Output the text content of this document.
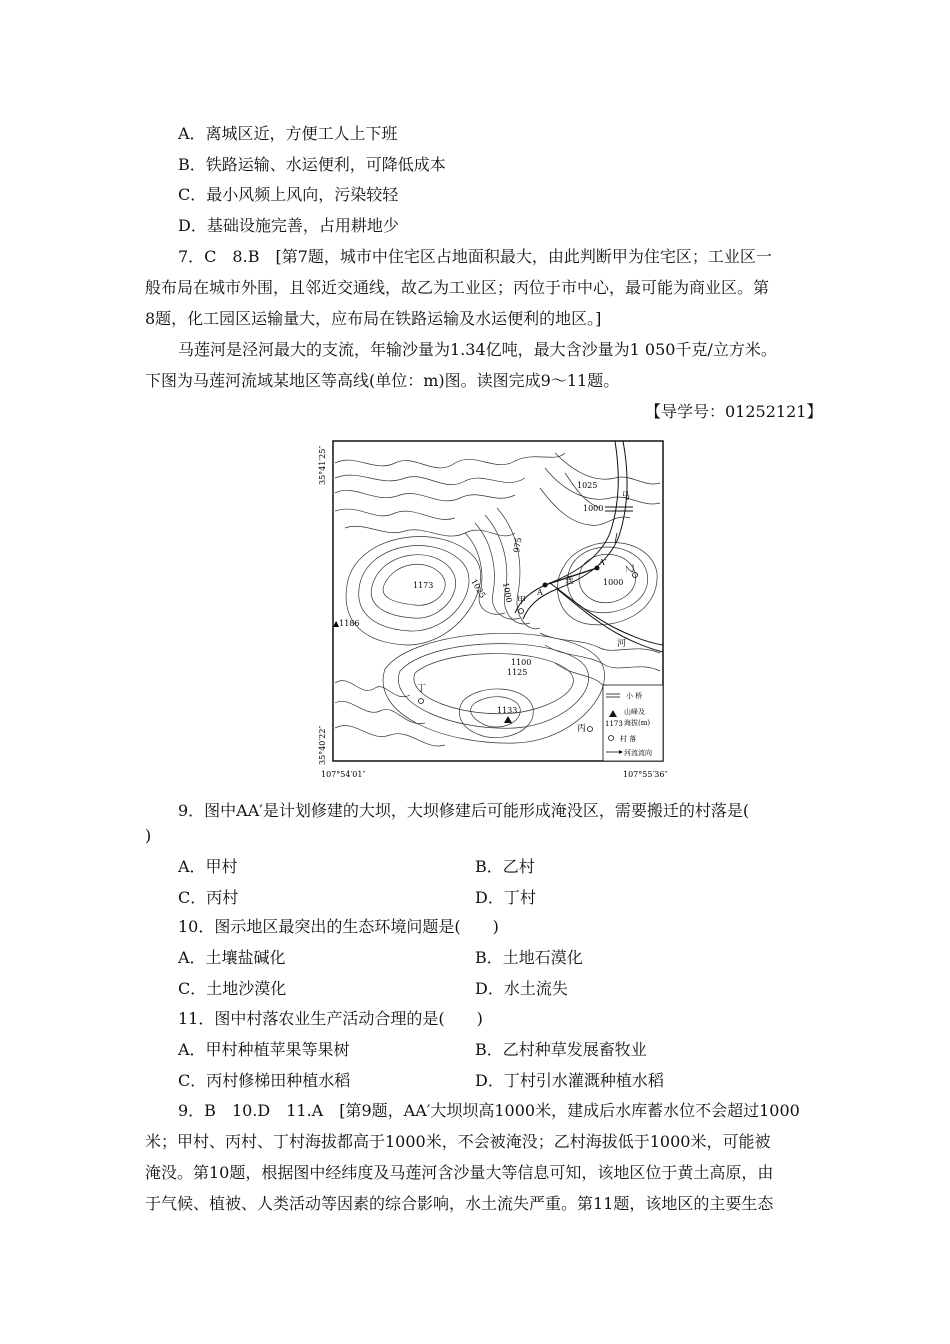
A．离城区近，方便工人上下班
B．铁路运输、水运便利，可降低成本
C．最小风频上风向，污染较轻
D．基础设施完善，占用耕地少
7．C　8.B　[第7题，城市中住宅区占地面积最大，由此判断甲为住宅区；工业区一
般布局在城市外围，且邻近交通线，故乙为工业区；丙位于市中心，最可能为商业区。第
8题，化工园区运输量大，应布局在铁路运输及水运便利的地区。]
马莲河是泾河最大的支流，年输沙量为1.34亿吨，最大含沙量为1 050千克/立方米。
下图为马莲河流域某地区等高线(单位：m)图。读图完成9～11题。
【导学号：01252121】
35°41′25″
35°40′22″
107°54′01″	107°55′36″
1025
1000
975
1000
1025
1173	1000
1100
1125
▲1186
1133
甲
乙
丙
丁
马
莲
河
A
A′
小 桥
山峰及
1173 海拔(m)
村 落
河流流向
9．图中AA′是计划修建的大坝，大坝修建后可能形成淹没区，需要搬迁的村落是(
)
A．甲村	B．乙村
C．丙村	D．丁村
10．图示地区最突出的生态环境问题是(　　)
A．土壤盐碱化	B．土地石漠化
C．土地沙漠化	D．水土流失
11．图中村落农业生产活动合理的是(　　)
A．甲村种植苹果等果树	B．乙村种草发展畜牧业
C．丙村修梯田种植水稻	D．丁村引水灌溉种植水稻
9．B　10.D　11.A　[第9题，AA′大坝坝高1000米，建成后水库蓄水位不会超过1000
米；甲村、丙村、丁村海拔都高于1000米，不会被淹没；乙村海拔低于1000米，可能被
淹没。第10题，根据图中经纬度及马莲河含沙量大等信息可知，该地区位于黄土高原，由
于气候、植被、人类活动等因素的综合影响，水土流失严重。第11题，该地区的主要生态
